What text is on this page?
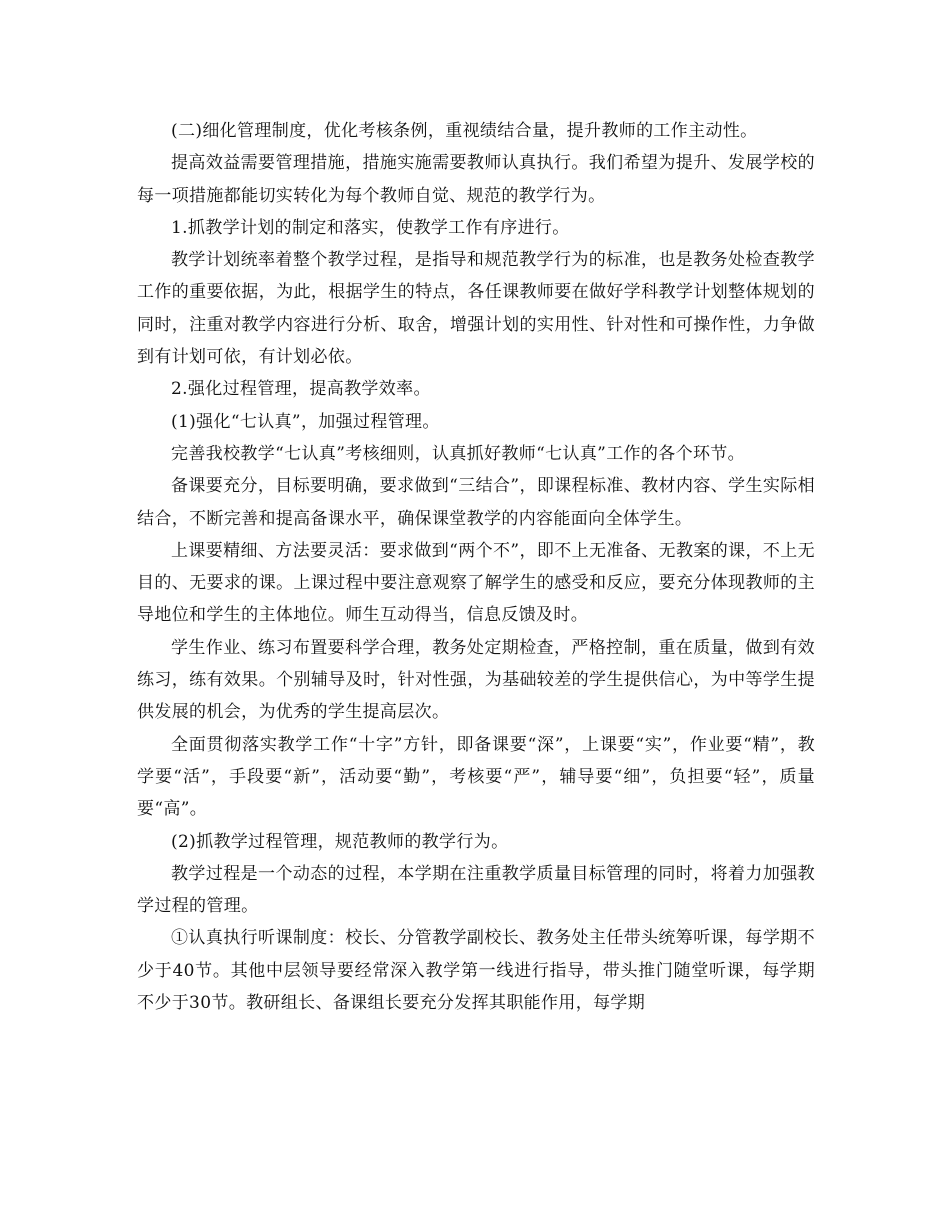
(二)细化管理制度，优化考核条例，重视绩结合量，提升教师的工作主动性。

提高效益需要管理措施，措施实施需要教师认真执行。我们希望为提升、发展学校的每一项措施都能切实转化为每个教师自觉、规范的教学行为。

1.抓教学计划的制定和落实，使教学工作有序进行。

教学计划统率着整个教学过程，是指导和规范教学行为的标准，也是教务处检查教学工作的重要依据，为此，根据学生的特点，各任课教师要在做好学科教学计划整体规划的同时，注重对教学内容进行分析、取舍，增强计划的实用性、针对性和可操作性，力争做到有计划可依，有计划必依。

2.强化过程管理，提高教学效率。

(1)强化“七认真”，加强过程管理。

完善我校教学“七认真”考核细则，认真抓好教师“七认真”工作的各个环节。

备课要充分，目标要明确，要求做到“三结合”，即课程标准、教材内容、学生实际相结合，不断完善和提高备课水平，确保课堂教学的内容能面向全体学生。

上课要精细、方法要灵活：要求做到“两个不”，即不上无准备、无教案的课，不上无目的、无要求的课。上课过程中要注意观察了解学生的感受和反应，要充分体现教师的主导地位和学生的主体地位。师生互动得当，信息反馈及时。

学生作业、练习布置要科学合理，教务处定期检查，严格控制，重在质量，做到有效练习，练有效果。个别辅导及时，针对性强，为基础较差的学生提供信心，为中等学生提供发展的机会，为优秀的学生提高层次。

全面贯彻落实教学工作“十字”方针，即备课要“深”，上课要“实”，作业要“精”，教学要“活”，手段要“新”，活动要“勤”，考核要“严”，辅导要“细”，负担要“轻”，质量要“高”。

(2)抓教学过程管理，规范教师的教学行为。

教学过程是一个动态的过程，本学期在注重教学质量目标管理的同时，将着力加强教学过程的管理。

①认真执行听课制度：校长、分管教学副校长、教务处主任带头统筹听课，每学期不少于40节。其他中层领导要经常深入教学第一线进行指导，带头推门随堂听课，每学期不少于30节。教研组长、备课组长要充分发挥其职能作用，每学期
